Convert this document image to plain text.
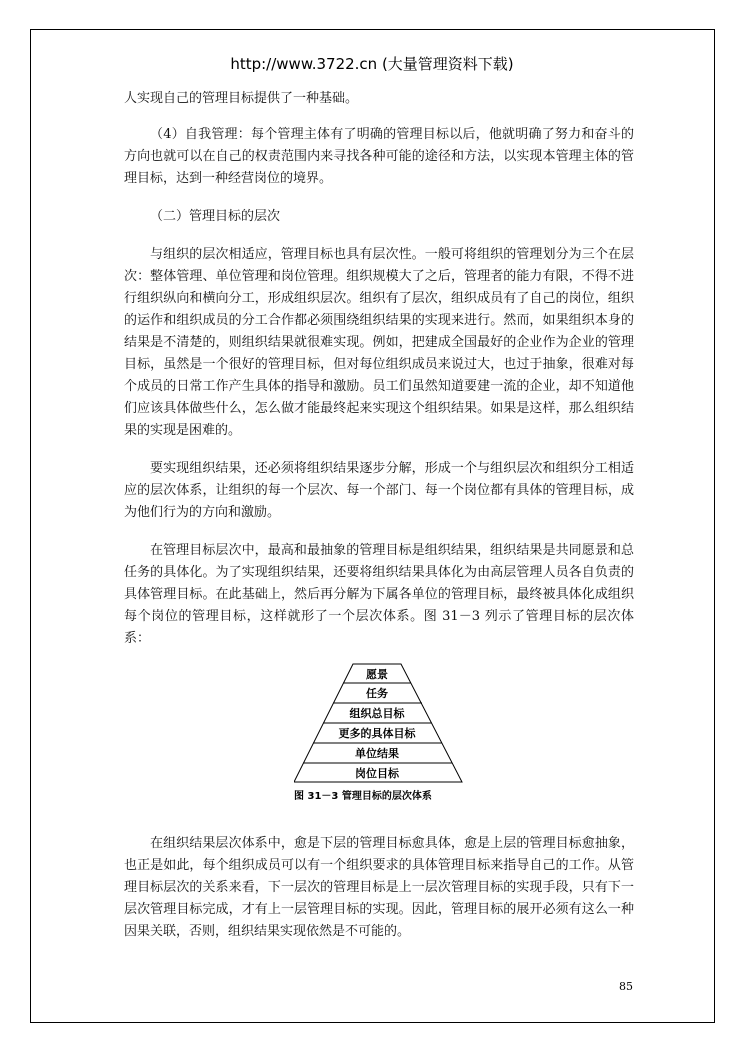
http://www.3722.cn (大量管理资料下载)

人实现自己的管理目标提供了一种基础。

（4）自我管理：每个管理主体有了明确的管理目标以后，他就明确了努力和奋斗的方向也就可以在自己的权责范围内来寻找各种可能的途径和方法，以实现本管理主体的管理目标，达到一种经营岗位的境界。

（二）管理目标的层次

与组织的层次相适应，管理目标也具有层次性。一般可将组织的管理划分为三个在层次：整体管理、单位管理和岗位管理。组织规模大了之后，管理者的能力有限，不得不进行组织纵向和横向分工，形成组织层次。组织有了层次，组织成员有了自己的岗位，组织的运作和组织成员的分工合作都必须围绕组织结果的实现来进行。然而，如果组织本身的结果是不清楚的，则组织结果就很难实现。例如，把建成全国最好的企业作为企业的管理目标，虽然是一个很好的管理目标，但对每位组织成员来说过大，也过于抽象，很难对每个成员的日常工作产生具体的指导和激励。员工们虽然知道要建一流的企业，却不知道他们应该具体做些什么，怎么做才能最终起来实现这个组织结果。如果是这样，那么组织结果的实现是困难的。

要实现组织结果，还必须将组织结果逐步分解，形成一个与组织层次和组织分工相适应的层次体系，让组织的每一个层次、每一个部门、每一个岗位都有具体的管理目标，成为他们行为的方向和激励。

在管理目标层次中，最高和最抽象的管理目标是组织结果，组织结果是共同愿景和总任务的具体化。为了实现组织结果，还要将组织结果具体化为由高层管理人员各自负责的具体管理目标。在此基础上，然后再分解为下属各单位的管理目标，最终被具体化成组织每个岗位的管理目标，这样就形了一个层次体系。图 31－3 列示了管理目标的层次体系：

愿景
任务
组织总目标
更多的具体目标
单位结果
岗位目标
图 31－3 管理目标的层次体系

在组织结果层次体系中，愈是下层的管理目标愈具体，愈是上层的管理目标愈抽象，也正是如此，每个组织成员可以有一个组织要求的具体管理目标来指导自己的工作。从管理目标层次的关系来看，下一层次的管理目标是上一层次管理目标的实现手段，只有下一层次管理目标完成，才有上一层管理目标的实现。因此，管理目标的展开必须有这么一种因果关联，否则，组织结果实现依然是不可能的。

85
